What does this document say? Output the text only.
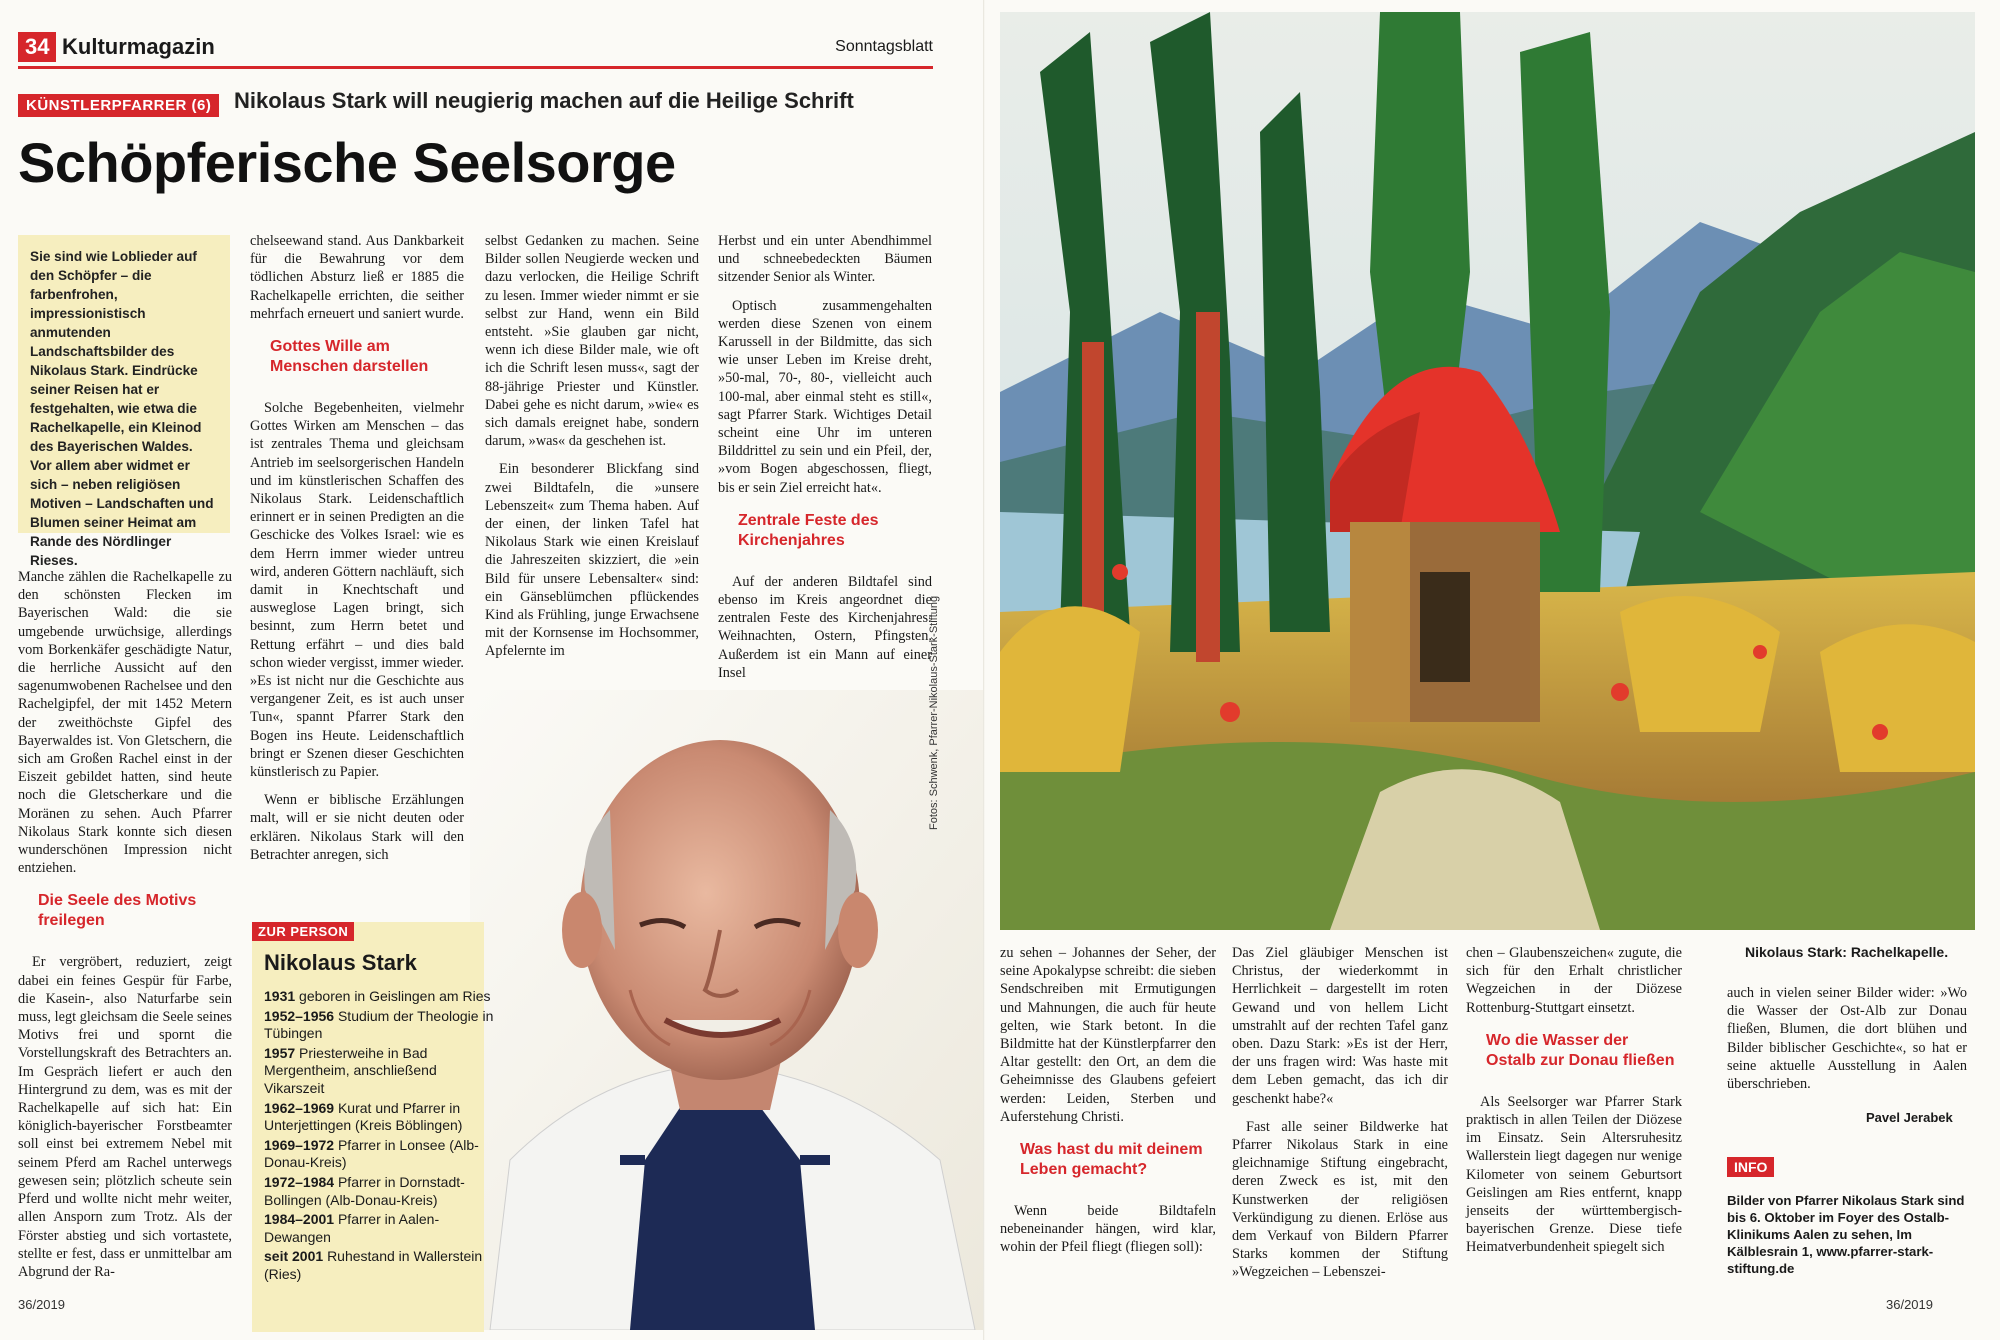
34 Kulturmagazin	Sonntagsblatt
KÜNSTLERPFARRER (6)	Nikolaus Stark will neugierig machen auf die Heilige Schrift
Schöpferische Seelsorge
Sie sind wie Loblieder auf den Schöpfer – die farbenfrohen, impressionistisch anmutenden Landschaftsbilder des Nikolaus Stark. Eindrücke seiner Reisen hat er festgehalten, wie etwa die Rachelkapelle, ein Kleinod des Bayerischen Waldes. Vor allem aber widmet er sich – neben religiösen Motiven – Landschaften und Blumen seiner Heimat am Rande des Nördlinger Rieses.

Manche zählen die Rachelkapelle zu den schönsten Flecken im Bayerischen Wald: die sie umgebende urwüchsige, allerdings vom Borkenkäfer geschädigte Natur, die herrliche Aussicht auf den sagenumwobenen Rachelsee und den Rachelgipfel, der mit 1452 Metern der zweithöchste Gipfel des Bayerwaldes ist. Von Gletschern, die sich am Großen Rachel einst in der Eiszeit gebildet hatten, sind heute noch die Gletscherkare und die Moränen zu sehen. Auch Pfarrer Nikolaus Stark konnte sich diesen wunderschönen Impression nicht entziehen.

Die Seele des Motivs freilegen

Er vergröbert, reduziert, zeigt dabei ein feines Gespür für Farbe, die Kasein-, also Naturfarbe sein muss, legt gleichsam die Seele seines Motivs frei und spornt die Vorstellungskraft des Betrachters an. Im Gespräch liefert er auch den Hintergrund zu dem, was es mit der Rachelkapelle auf sich hat: Ein königlich-bayerischer Forstbeamter soll einst bei extremem Nebel mit seinem Pferd am Rachel unterwegs gewesen sein; plötzlich scheute sein Pferd und wollte nicht mehr weiter, allen Ansporn zum Trotz. Als der Förster abstieg und sich vortastete, stellte er fest, dass er unmittelbar am Abgrund der Ra-

chelseewand stand. Aus Dankbarkeit für die Bewahrung vor dem tödlichen Absturz ließ er 1885 die Rachelkapelle errichten, die seither mehrfach erneuert und saniert wurde.

Gottes Wille am Menschen darstellen

Solche Begebenheiten, vielmehr Gottes Wirken am Menschen – das ist zentrales Thema und gleichsam Antrieb im seelsorgerischen Handeln und im künstlerischen Schaffen des Nikolaus Stark. Leidenschaftlich erinnert er in seinen Predigten an die Geschicke des Volkes Israel: wie es dem Herrn immer wieder untreu wird, anderen Göttern nachläuft, sich damit in Knechtschaft und ausweglose Lagen bringt, sich besinnt, zum Herrn betet und Rettung erfährt – und dies bald schon wieder vergisst, immer wieder. »Es ist nicht nur die Geschichte aus vergangener Zeit, es ist auch unser Tun«, spannt Pfarrer Stark den Bogen ins Heute. Leidenschaftlich bringt er Szenen dieser Geschichten künstlerisch zu Papier.

Wenn er biblische Erzählungen malt, will er sie nicht deuten oder erklären. Nikolaus Stark will den Betrachter anregen, sich

selbst Gedanken zu machen. Seine Bilder sollen Neugierde wecken und dazu verlocken, die Heilige Schrift zu lesen. Immer wieder nimmt er sie selbst zur Hand, wenn ein Bild entsteht. »Sie glauben gar nicht, wenn ich diese Bilder male, wie oft ich die Schrift lesen muss«, sagt der 88-jährige Priester und Künstler. Dabei gehe es nicht darum, »wie« es sich damals ereignet habe, sondern darum, »was« da geschehen ist.

Ein besonderer Blickfang sind zwei Bildtafeln, die »unsere Lebenszeit« zum Thema haben. Auf der einen, der linken Tafel hat Nikolaus Stark wie einen Kreislauf die Jahreszeiten skizziert, die »ein Bild für unsere Lebensalter« sind: ein Gänseblümchen pflückendes Kind als Frühling, junge Erwachsene mit der Kornsense im Hochsommer, Apfelernte im

Herbst und ein unter Abendhimmel und schneebedeckten Bäumen sitzender Senior als Winter.

Optisch zusammengehalten werden diese Szenen von einem Karussell in der Bildmitte, das sich wie unser Leben im Kreise dreht, »50-mal, 70-, 80-, vielleicht auch 100-mal, aber einmal steht es still«, sagt Pfarrer Stark. Wichtiges Detail scheint eine Uhr im unteren Bilddrittel zu sein und ein Pfeil, der, »vom Bogen abgeschossen, fliegt, bis er sein Ziel erreicht hat«.

Zentrale Feste des Kirchenjahres

Auf der anderen Bildtafel sind ebenso im Kreis angeordnet die zentralen Feste des Kirchenjahres: Weihnachten, Ostern, Pfingsten. Außerdem ist ein Mann auf einer Insel	Fotos: Schwenk, Pfarrer-Nikolaus-Stark-Stiftung
ZUR PERSON
Nikolaus Stark
1931 geboren in Geislingen am Ries
1952–1956 Studium der Theologie in Tübingen
1957 Priesterweihe in Bad Mergentheim, anschließend Vikarszeit
1962–1969 Kurat und Pfarrer in Unterjettingen (Kreis Böblingen)
1969–1972 Pfarrer in Lonsee (Alb-Donau-Kreis)
1972–1984 Pfarrer in Dornstadt-Bollingen (Alb-Donau-Kreis)
1984–2001 Pfarrer in Aalen-Dewangen
seit 2001 Ruhestand in Wallerstein (Ries)
36/2019
Nikolaus Stark: Rachelkapelle.

zu sehen – Johannes der Seher, der seine Apokalypse schreibt: die sieben Sendschreiben mit Ermutigungen und Mahnungen, die auch für heute gelten, wie Stark betont. In die Bildmitte hat der Künstlerpfarrer den Altar gestellt: den Ort, an dem die Geheimnisse des Glaubens gefeiert werden: Leiden, Sterben und Auferstehung Christi.

Was hast du mit deinem Leben gemacht?

Wenn beide Bildtafeln nebeneinander hängen, wird klar, wohin der Pfeil fliegt (fliegen soll):

Das Ziel gläubiger Menschen ist Christus, der wiederkommt in Herrlichkeit – dargestellt im roten Gewand und von hellem Licht umstrahlt auf der rechten Tafel ganz oben. Dazu Stark: »Es ist der Herr, der uns fragen wird: Was haste mit dem Leben gemacht, das ich dir geschenkt habe?«

Fast alle seiner Bildwerke hat Pfarrer Nikolaus Stark in eine gleichnamige Stiftung eingebracht, deren Zweck es ist, mit den Kunstwerken der religiösen Verkündigung zu dienen. Erlöse aus dem Verkauf von Bildern Pfarrer Starks kommen der Stiftung »Wegzeichen – Lebenszei-

chen – Glaubenszeichen« zugute, die sich für den Erhalt christlicher Wegzeichen in der Diözese Rottenburg-Stuttgart einsetzt.

Wo die Wasser der Ostalb zur Donau fließen

Als Seelsorger war Pfarrer Stark praktisch in allen Teilen der Diözese im Einsatz. Sein Altersruhesitz Wallerstein liegt dagegen nur wenige Kilometer von seinem Geburtsort Geislingen am Ries entfernt, knapp jenseits der württembergisch-bayerischen Grenze. Diese tiefe Heimatverbundenheit spiegelt sich

auch in vielen seiner Bilder wider: »Wo die Wasser der Ost-Alb zur Donau fließen, Blumen, die dort blühen und Bilder biblischer Geschichte«, so hat er seine aktuelle Ausstellung in Aalen überschrieben.

Pavel Jerabek
INFO
Bilder von Pfarrer Nikolaus Stark sind bis 6. Oktober im Foyer des Ostalb-Klinikums Aalen zu sehen, Im Kälblesrain 1, www.pfarrer-stark-stiftung.de
36/2019
